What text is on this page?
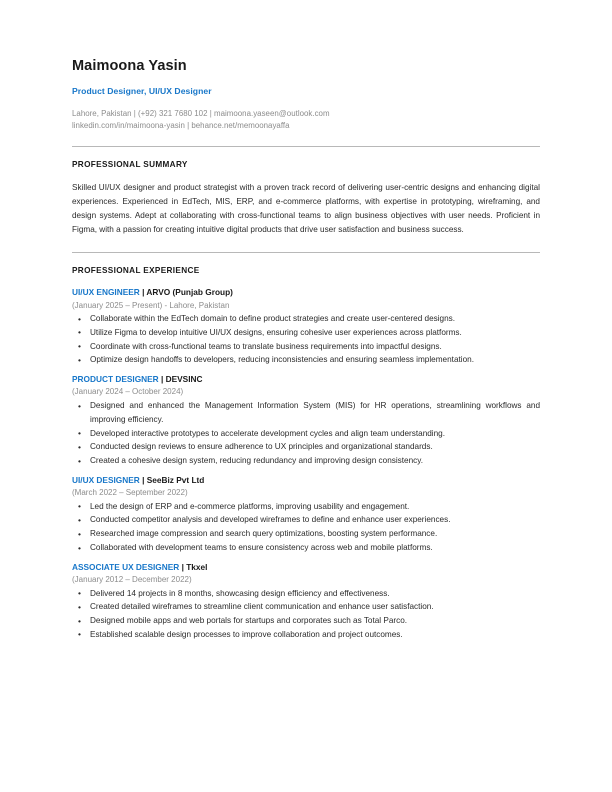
Maimoona Yasin
Product Designer, UI/UX Designer
Lahore, Pakistan | (+92) 321 7680 102 | maimoona.yaseen@outlook.com
linkedin.com/in/maimoona-yasin | behance.net/memoonayaffa
PROFESSIONAL SUMMARY

Skilled UI/UX designer and product strategist with a proven track record of delivering user-centric designs and enhancing digital experiences. Experienced in EdTech, MIS, ERP, and e-commerce platforms, with expertise in prototyping, wireframing, and design systems. Adept at collaborating with cross-functional teams to align business objectives with user needs. Proficient in Figma, with a passion for creating intuitive digital products that drive user satisfaction and business success.

PROFESSIONAL EXPERIENCE
UI/UX ENGINEER | ARVO (Punjab Group)
(January 2025 – Present) - Lahore, Pakistan
• Collaborate within the EdTech domain to define product strategies and create user-centered designs.
• Utilize Figma to develop intuitive UI/UX designs, ensuring cohesive user experiences across platforms.
• Coordinate with cross-functional teams to translate business requirements into impactful designs.
• Optimize design handoffs to developers, reducing inconsistencies and ensuring seamless implementation.
PRODUCT DESIGNER | DEVSINC
(January 2024 – October 2024)
• Designed and enhanced the Management Information System (MIS) for HR operations, streamlining workflows and improving efficiency.
• Developed interactive prototypes to accelerate development cycles and align team understanding.
• Conducted design reviews to ensure adherence to UX principles and organizational standards.
• Created a cohesive design system, reducing redundancy and improving design consistency.
UI/UX DESIGNER | SeeBiz Pvt Ltd
(March 2022 – September 2022)
• Led the design of ERP and e-commerce platforms, improving usability and engagement.
• Conducted competitor analysis and developed wireframes to define and enhance user experiences.
• Researched image compression and search query optimizations, boosting system performance.
• Collaborated with development teams to ensure consistency across web and mobile platforms.
ASSOCIATE UX DESIGNER | Tkxel
(January 2012 – December 2022)
• Delivered 14 projects in 8 months, showcasing design efficiency and effectiveness.
• Created detailed wireframes to streamline client communication and enhance user satisfaction.
• Designed mobile apps and web portals for startups and corporates such as Total Parco.
• Established scalable design processes to improve collaboration and project outcomes.
